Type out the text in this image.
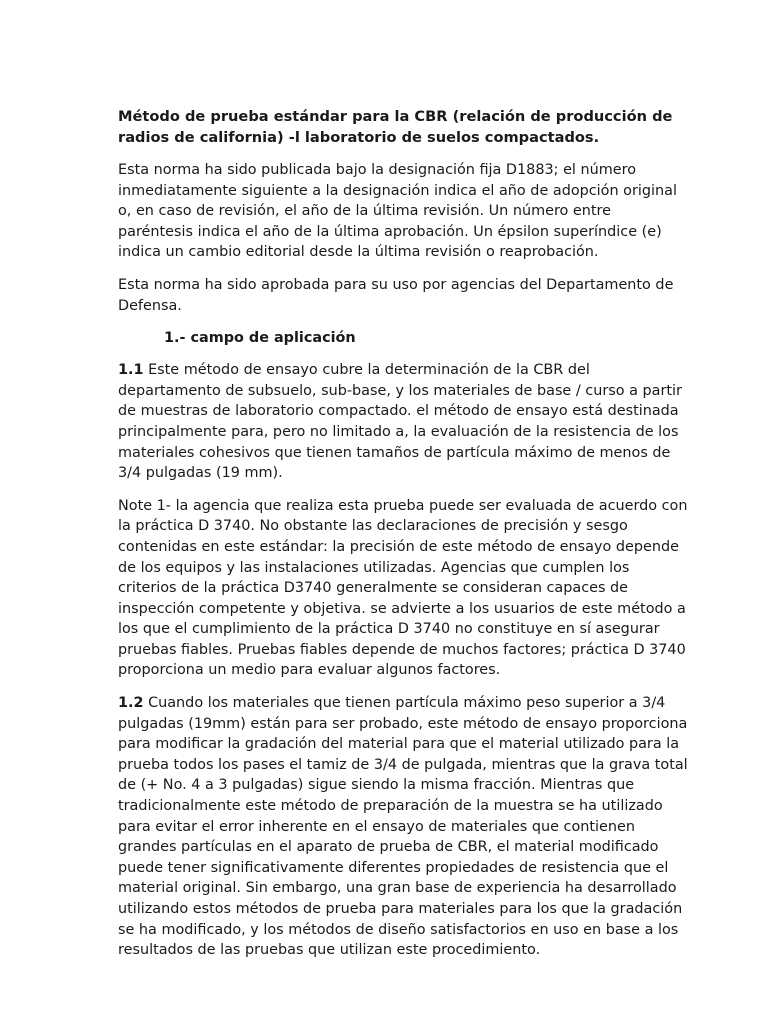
Método de prueba estándar para la CBR (relación de producción de radios de california) -l laboratorio de suelos compactados.

Esta norma ha sido publicada bajo la designación fija D1883; el número inmediatamente siguiente a la designación indica el año de adopción original o, en caso de revisión, el año de la última revisión. Un número entre paréntesis indica el año de la última aprobación. Un épsilon superíndice (e) indica un cambio editorial desde la última revisión o reaprobación.

Esta norma ha sido aprobada para su uso por agencias del Departamento de Defensa.

1.- campo de aplicación

1.1 Este método de ensayo cubre la determinación de la CBR del departamento de subsuelo, sub-base, y los materiales de base / curso a partir de muestras de laboratorio compactado. el método de ensayo está destinada principalmente para, pero no limitado a, la evaluación de la resistencia de los materiales cohesivos que tienen tamaños de partícula máximo de menos de 3/4 pulgadas (19 mm).

Note 1- la agencia que realiza esta prueba puede ser evaluada de acuerdo con la práctica D 3740. No obstante las declaraciones de precisión y sesgo contenidas en este estándar: la precisión de este método de ensayo depende de los equipos y las instalaciones utilizadas. Agencias que cumplen los criterios de la práctica D3740 generalmente se consideran capaces de inspección competente y objetiva. se advierte a los usuarios de este método a los que el cumplimiento de la práctica D 3740 no constituye en sí asegurar pruebas fiables. Pruebas fiables depende de muchos factores; práctica D 3740 proporciona un medio para evaluar algunos factores.

1.2 Cuando los materiales que tienen partícula máximo peso superior a 3/4 pulgadas (19mm) están para ser probado, este método de ensayo proporciona para modificar la gradación del material para que el material utilizado para la prueba todos los pases el tamiz de 3/4 de pulgada, mientras que la grava total de (+ No. 4 a 3 pulgadas) sigue siendo la misma fracción. Mientras que tradicionalmente este método de preparación de la muestra se ha utilizado para evitar el error inherente en el ensayo de materiales que contienen grandes partículas en el aparato de prueba de CBR, el material modificado puede tener significativamente diferentes propiedades de resistencia que el material original. Sin embargo, una gran base de experiencia ha desarrollado utilizando estos métodos de prueba para materiales para los que la gradación se ha modificado, y los métodos de diseño satisfactorios en uso en base a los resultados de las pruebas que utilizan este procedimiento.
